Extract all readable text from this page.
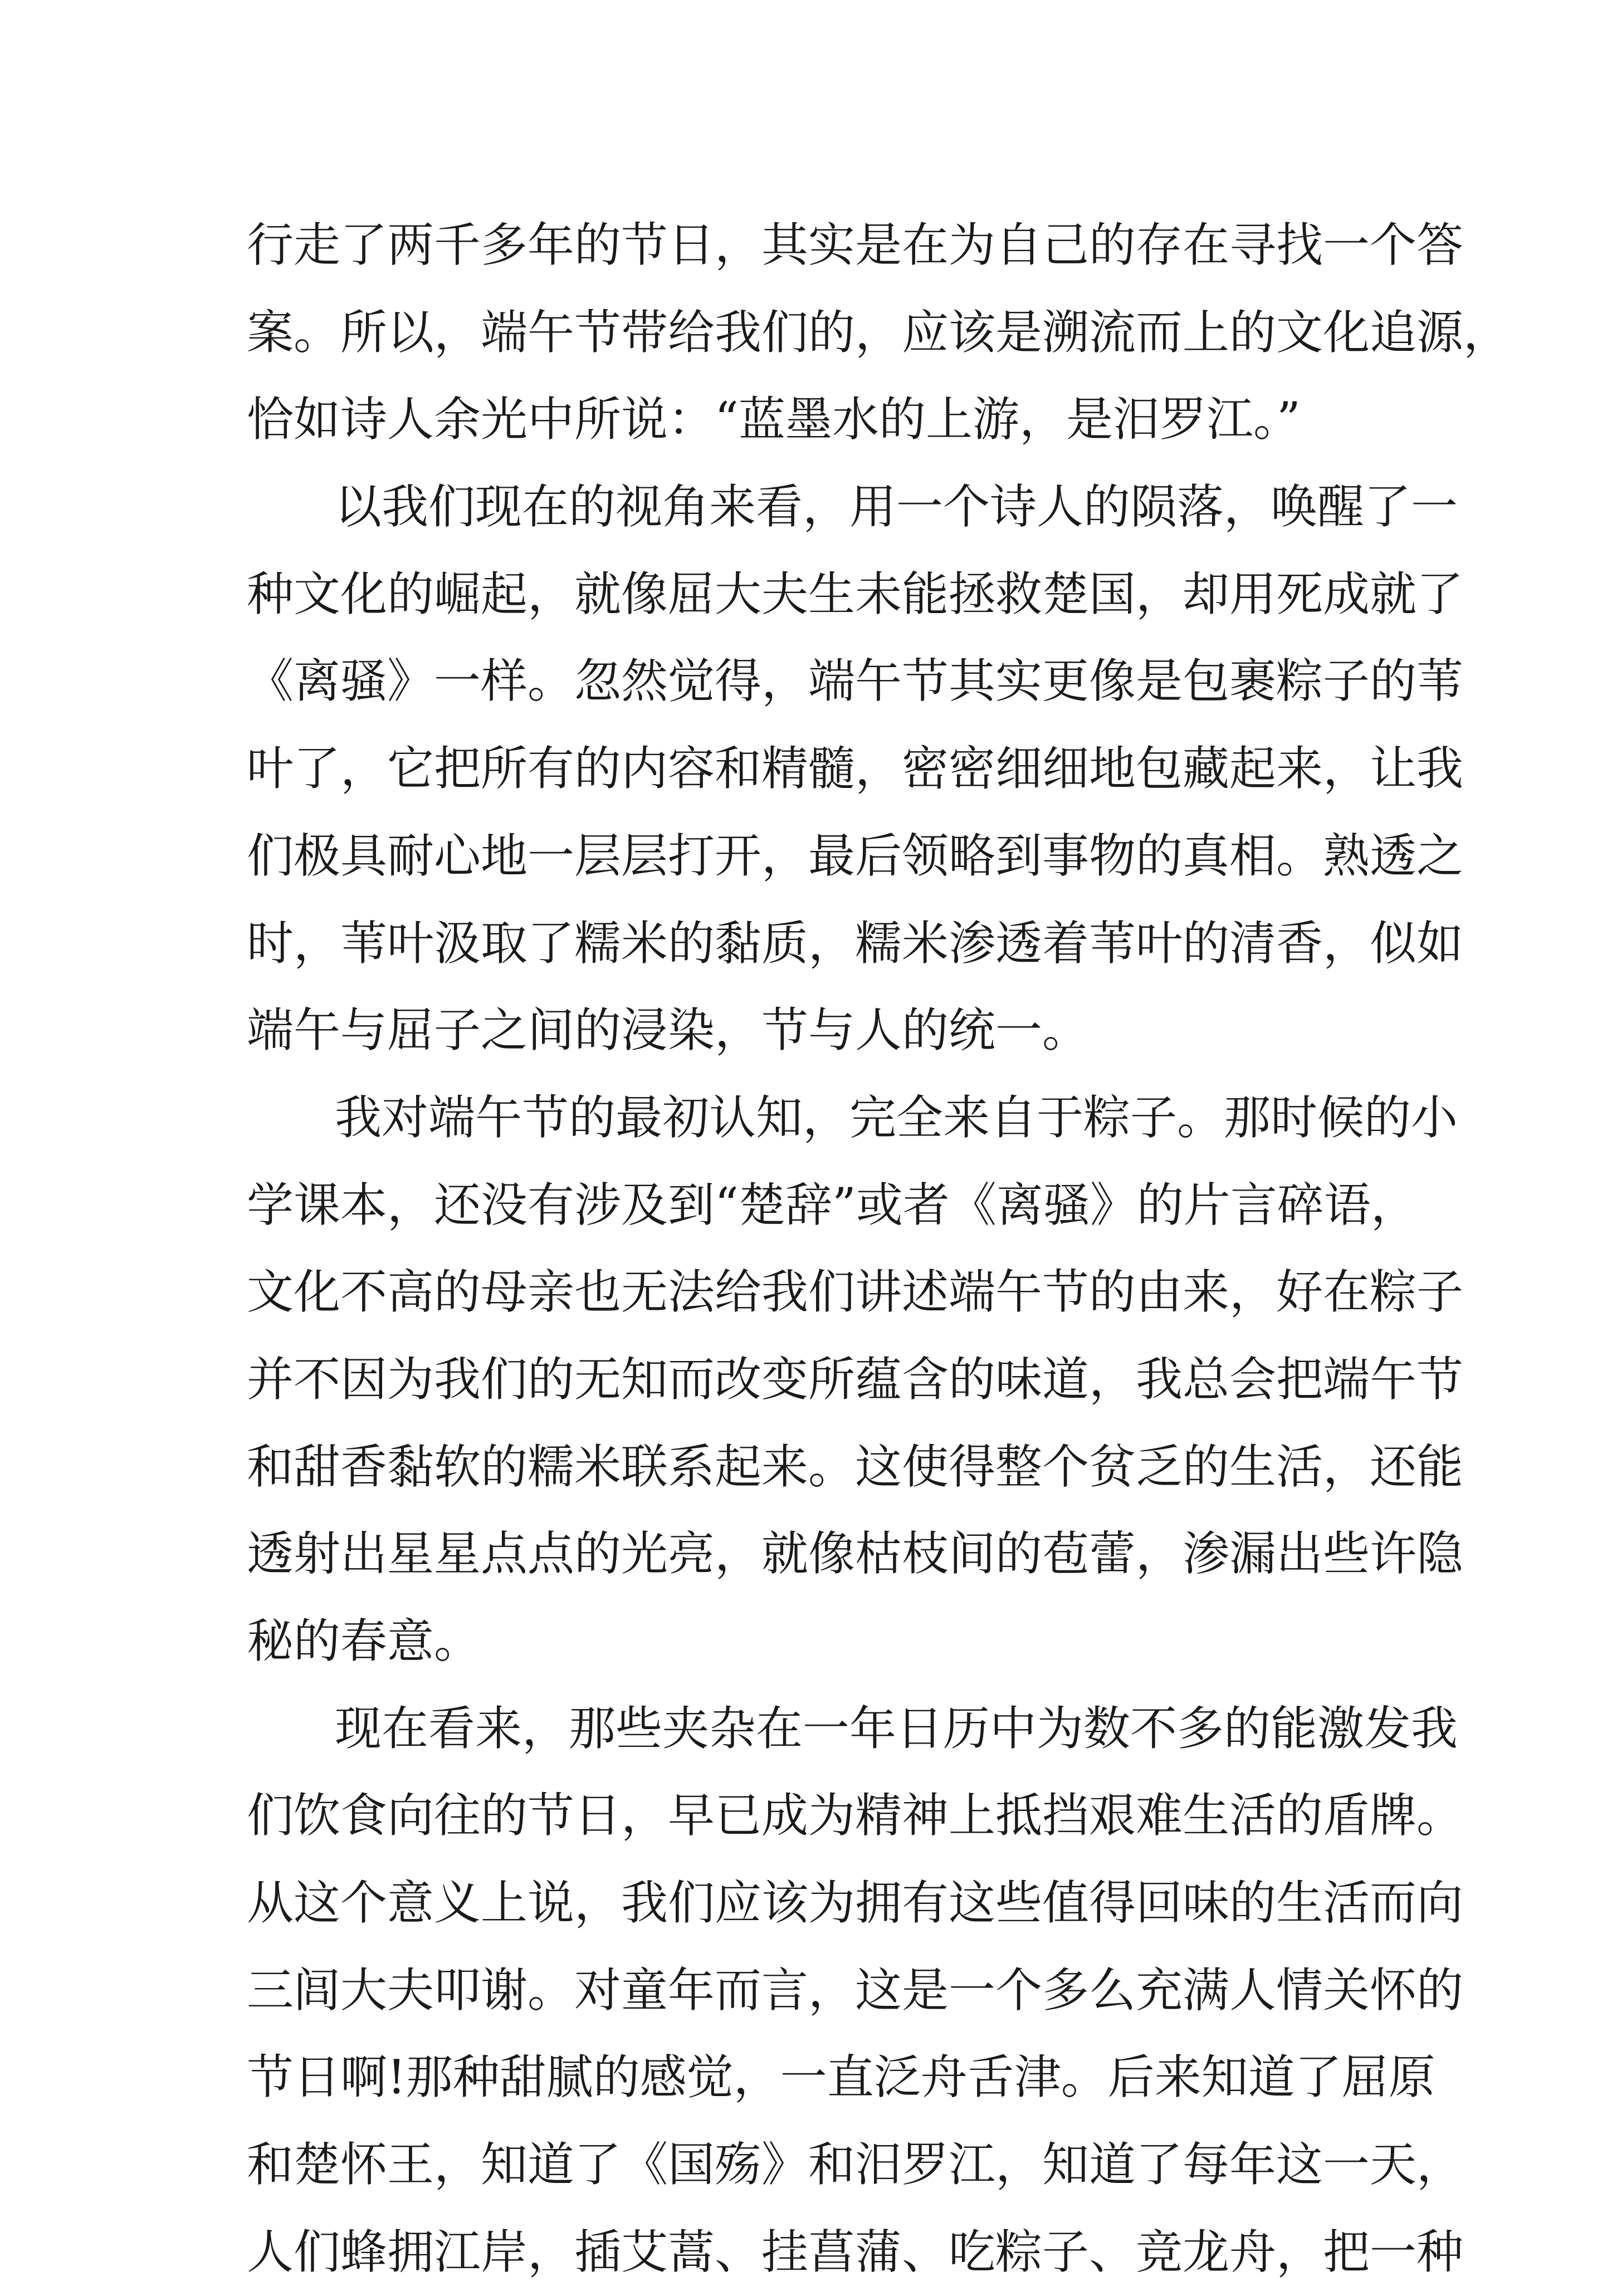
行走了两千多年的节日，其实是在为自己的存在寻找一个答
案。所以，端午节带给我们的，应该是溯流而上的文化追源，
恰如诗人余光中所说：“蓝墨水的上游，是汨罗江。”
以我们现在的视角来看，用一个诗人的陨落，唤醒了一
种文化的崛起，就像屈大夫生未能拯救楚国，却用死成就了
《离骚》一样。忽然觉得，端午节其实更像是包裹粽子的苇
叶了，它把所有的内容和精髓，密密细细地包藏起来，让我
们极具耐心地一层层打开，最后领略到事物的真相。熟透之
时，苇叶汲取了糯米的黏质，糯米渗透着苇叶的清香，似如
端午与屈子之间的浸染，节与人的统一。
我对端午节的最初认知，完全来自于粽子。那时候的小
学课本，还没有涉及到“楚辞”或者《离骚》的片言碎语，
文化不高的母亲也无法给我们讲述端午节的由来，好在粽子
并不因为我们的无知而改变所蕴含的味道，我总会把端午节
和甜香黏软的糯米联系起来。这使得整个贫乏的生活，还能
透射出星星点点的光亮，就像枯枝间的苞蕾，渗漏出些许隐
秘的春意。
现在看来，那些夹杂在一年日历中为数不多的能激发我
们饮食向往的节日，早已成为精神上抵挡艰难生活的盾牌。
从这个意义上说，我们应该为拥有这些值得回味的生活而向
三闾大夫叩谢。对童年而言，这是一个多么充满人情关怀的
节日啊!那种甜腻的感觉，一直泛舟舌津。后来知道了屈原
和楚怀王，知道了《国殇》和汨罗江，知道了每年这一天，
人们蜂拥江岸，插艾蒿、挂菖蒲、吃粽子、竞龙舟，把一种
